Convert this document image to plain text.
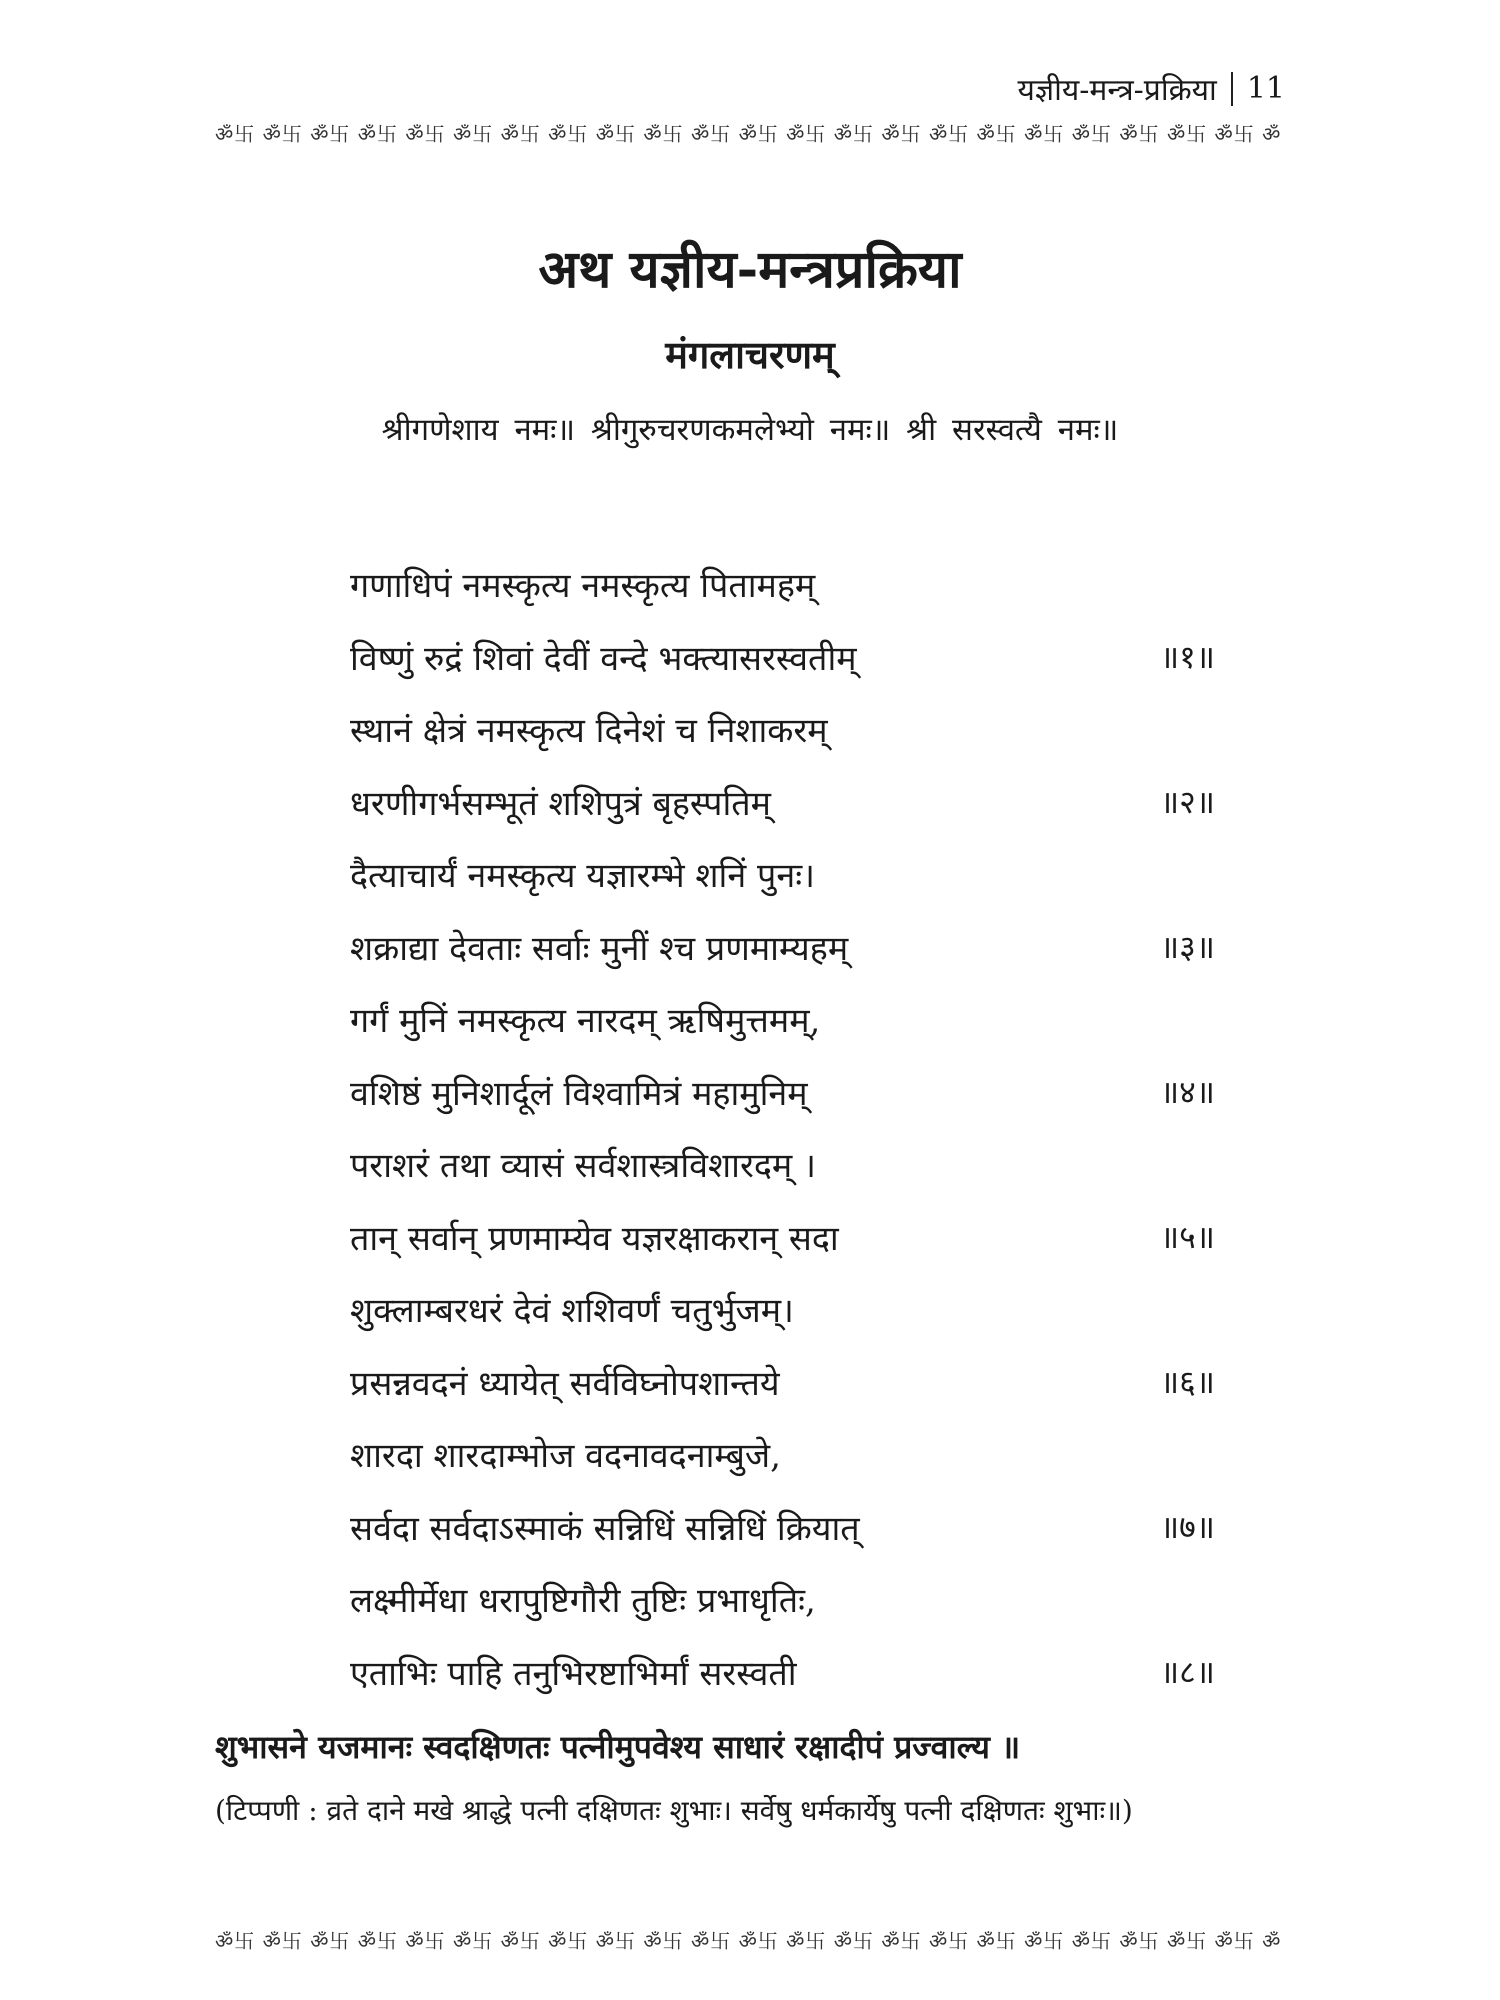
यज्ञीय-मन्त्र-प्रक्रिया 11
ॐ卐 ॐ卐 ॐ卐 ॐ卐 ॐ卐 ॐ卐 ॐ卐 ॐ卐 ॐ卐 ॐ卐 ॐ卐 ॐ卐 ॐ卐 ॐ卐 ॐ卐 ॐ卐 ॐ卐 ॐ卐 ॐ卐 ॐ卐 ॐ卐 ॐ卐 ॐ
अथ यज्ञीय-मन्त्रप्रक्रिया
मंगलाचरणम्
श्रीगणेशाय नमः॥ श्रीगुरुचरणकमलेभ्यो नमः॥ श्री सरस्वत्यै नमः॥
गणाधिपं नमस्कृत्य नमस्कृत्य पितामहम्
विष्णुं रुद्रं शिवां देवीं वन्दे भक्त्यासरस्वतीम्	॥१॥
स्थानं क्षेत्रं नमस्कृत्य दिनेशं च निशाकरम्
धरणीगर्भसम्भूतं शशिपुत्रं बृहस्पतिम्	॥२॥
दैत्याचार्यं नमस्कृत्य यज्ञारम्भे शनिं पुनः।
शक्राद्या देवताः सर्वाः मुनीं श्च प्रणमाम्यहम्	॥३॥
गर्गं मुनिं नमस्कृत्य नारदम् ऋषिमुत्तमम्,
वशिष्ठं मुनिशार्दूलं विश्वामित्रं महामुनिम्	॥४॥
पराशरं तथा व्यासं सर्वशास्त्रविशारदम् ।
तान् सर्वान् प्रणमाम्येव यज्ञरक्षाकरान् सदा	॥५॥
शुक्लाम्बरधरं देवं शशिवर्णं चतुर्भुजम्।
प्रसन्नवदनं ध्यायेत् सर्वविघ्नोपशान्तये	॥६॥
शारदा शारदाम्भोज वदनावदनाम्बुजे,
सर्वदा सर्वदाऽस्माकं सन्निधिं सन्निधिं क्रियात्	॥७॥
लक्ष्मीर्मेधा धरापुष्टिगौरी तुष्टिः प्रभाधृतिः,
एताभिः पाहि तनुभिरष्टाभिर्मां सरस्वती	॥८॥
शुभासने यजमानः स्वदक्षिणतः पत्नीमुपवेश्य साधारं रक्षादीपं प्रज्वाल्य ॥
(टिप्पणी : व्रते दाने मखे श्राद्धे पत्नी दक्षिणतः शुभाः। सर्वेषु धर्मकार्येषु पत्नी दक्षिणतः शुभाः॥)
ॐ卐 ॐ卐 ॐ卐 ॐ卐 ॐ卐 ॐ卐 ॐ卐 ॐ卐 ॐ卐 ॐ卐 ॐ卐 ॐ卐 ॐ卐 ॐ卐 ॐ卐 ॐ卐 ॐ卐 ॐ卐 ॐ卐 ॐ卐 ॐ卐 ॐ卐 ॐ
